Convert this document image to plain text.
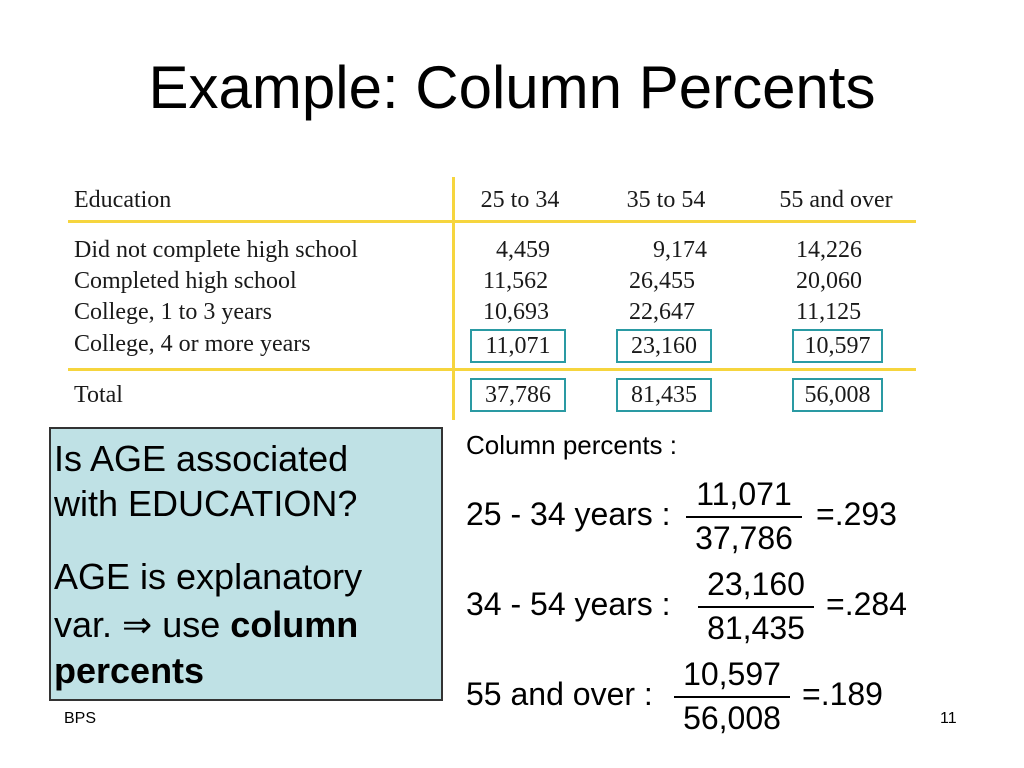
Example: Column Percents
Education	25 to 34	35 to 54	55 and over
Did not complete high school	4,459	9,174	14,226
Completed high school	11,562	26,455	20,060
College, 1 to 3 years	10,693	22,647	11,125
College, 4 or more years	11,071	23,160	10,597
Total	37,786	81,435	56,008
Is AGE associated
with EDUCATION?
AGE is explanatory
var. ⇒ use column
percents
Column percents :
25 - 34 years :
11,071
37,786
=.293
34 - 54 years :
23,160
81,435
=.284
55 and over :
10,597
56,008
=.189
BPS	11
